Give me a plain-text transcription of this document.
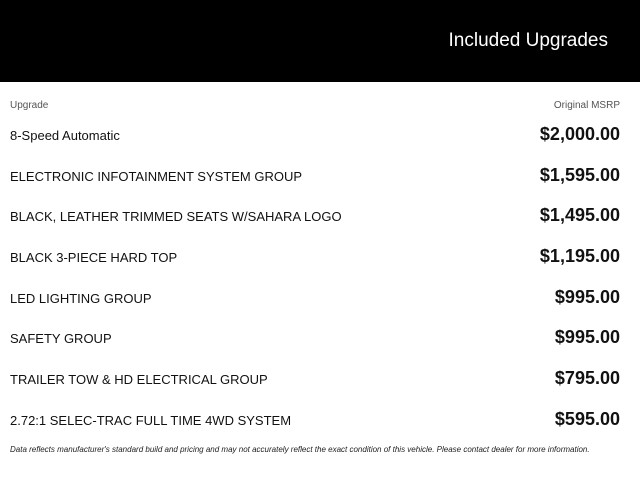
Included Upgrades
Upgrade	Original MSRP
8-Speed Automatic	$2,000.00
ELECTRONIC INFOTAINMENT SYSTEM GROUP	$1,595.00
BLACK, LEATHER TRIMMED SEATS W/SAHARA LOGO	$1,495.00
BLACK 3-PIECE HARD TOP	$1,195.00
LED LIGHTING GROUP	$995.00
SAFETY GROUP	$995.00
TRAILER TOW & HD ELECTRICAL GROUP	$795.00
2.72:1 SELEC-TRAC FULL TIME 4WD SYSTEM	$595.00
Data reflects manufacturer's standard build and pricing and may not accurately reflect the exact condition of this vehicle. Please contact dealer for more information.
